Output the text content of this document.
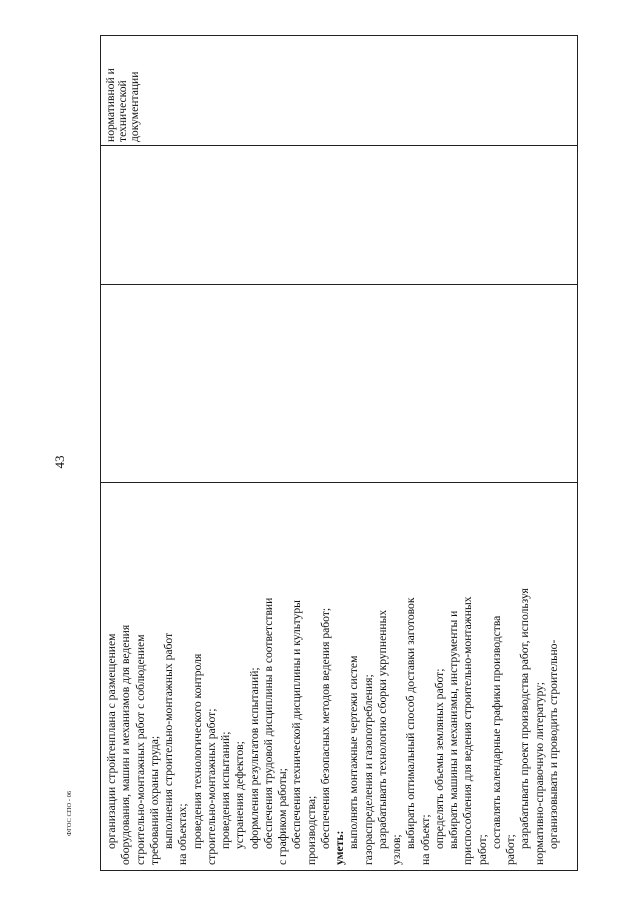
43
ФГОС СПО - 06	организации стройгенплана с размещением оборудования, машин и механизмов для ведения строительно-монтажных работ с соблюдением требований охраны труда; выполнения строительно-монтажных работ на объектах; проведения технологического контроля строительно-монтажных работ; проведения испытаний; устранения дефектов; оформления результатов испытаний; обеспечения трудовой дисциплины в соответствии с графиком работы; обеспечения технической дисциплины и культуры производства; обеспечения безопасных методов ведения работ; уметь: выполнять монтажные чертежи систем газораспределения и газопотребления; разрабатывать технологию сборки укрупненных
узлов;
выбирать оптимальный способ доставки заготовок на объект; определять объемы земляных работ; выбирать машины и механизмы, инструменты и приспособления для ведения строительно-монтажных работ;
составлять календарные графики производства
работ;
разрабатывать проект производства работ, используя нормативно-справочную литературу; организовывать и проводить строительно-
нормативной и технической документации
